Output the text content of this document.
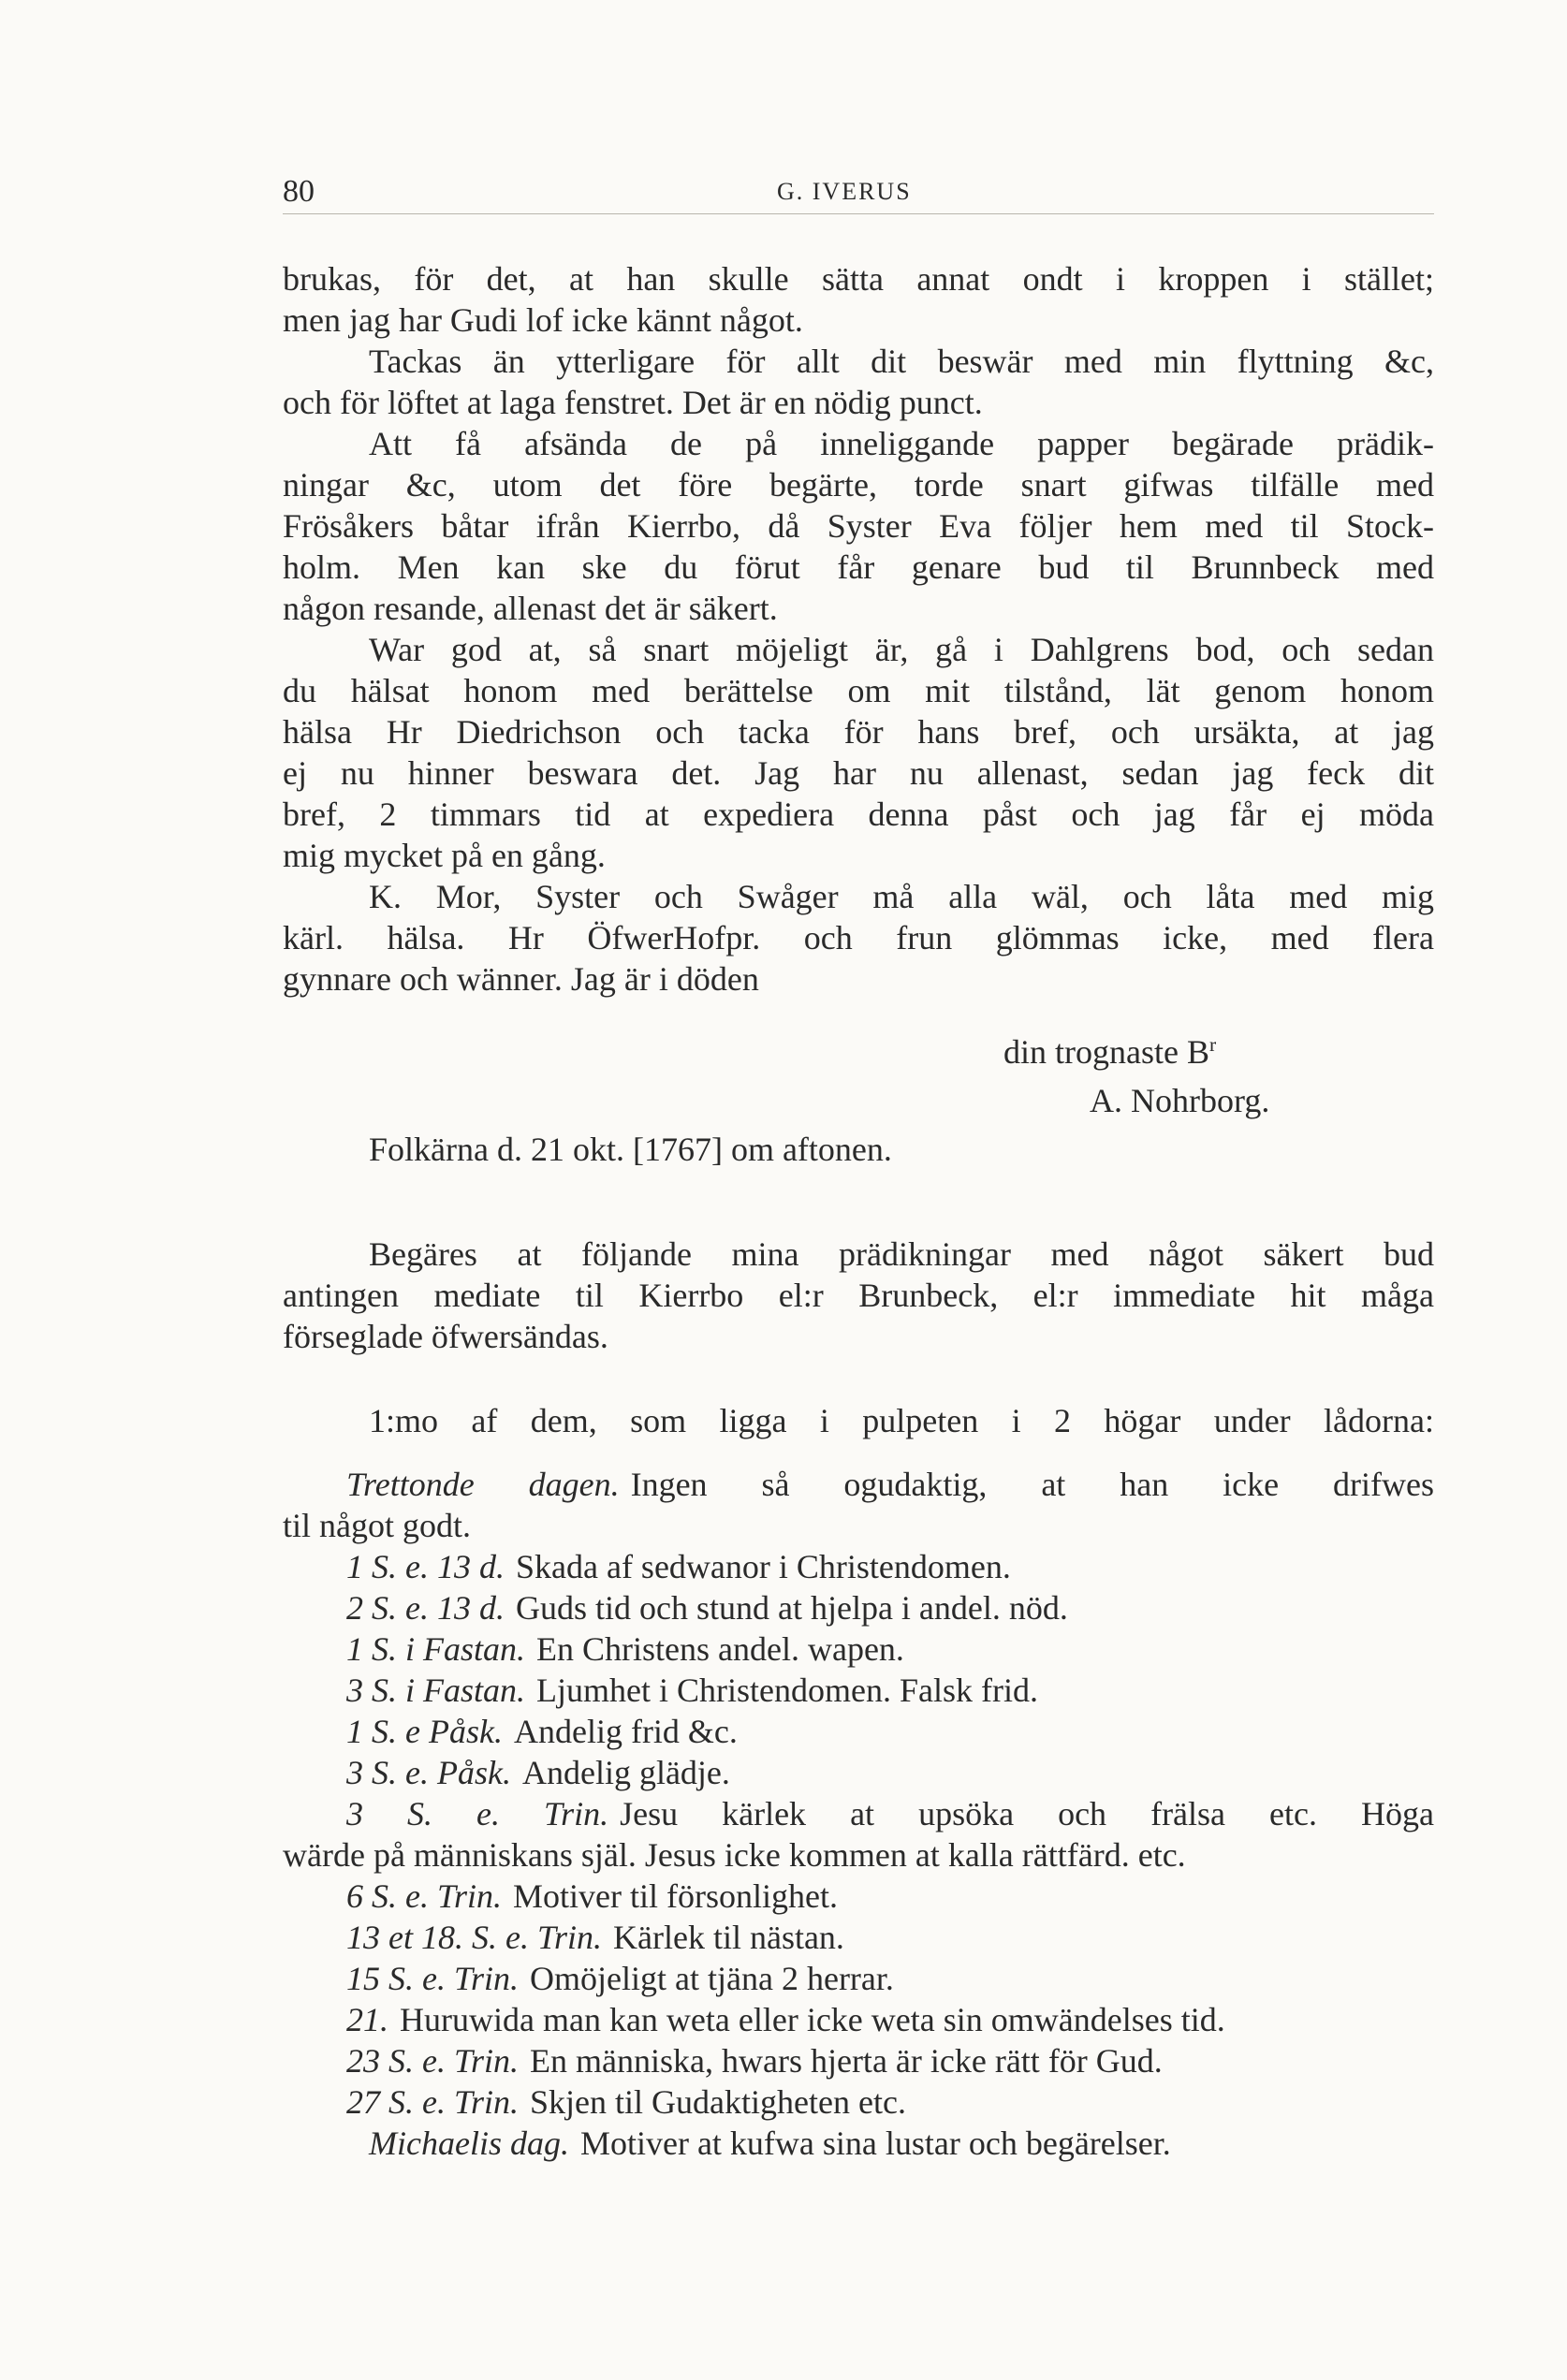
80	G. IVERUS
brukas, för det, at han skulle sätta annat ondt i kroppen i stället;
men jag har Gudi lof icke kännt något.
Tackas än ytterligare för allt dit beswär med min flyttning &c,
och för löftet at laga fenstret. Det är en nödig punct.
Att få afsända de på inneliggande papper begärade prädik-
ningar &c, utom det före begärte, torde snart gifwas tilfälle med
Frösåkers båtar ifrån Kierrbo, då Syster Eva följer hem med til Stock-
holm. Men kan ske du förut får genare bud til Brunnbeck med
någon resande, allenast det är säkert.
War god at, så snart möjeligt är, gå i Dahlgrens bod, och sedan
du hälsat honom med berättelse om mit tilstånd, lät genom honom
hälsa Hr Diedrichson och tacka för hans bref, och ursäkta, at jag
ej nu hinner beswara det. Jag har nu allenast, sedan jag feck dit
bref, 2 timmars tid at expediera denna påst och jag får ej möda
mig mycket på en gång.
K. Mor, Syster och Swåger må alla wäl, och låta med mig
kärl. hälsa. Hr ÖfwerHofpr. och frun glömmas icke, med flera
gynnare och wänner. Jag är i döden
din trognaste $B^r$
A. Nohrborg.
Folkärna d. 21 okt. [1767] om aftonen.
Begäres at följande mina prädikningar med något säkert bud
antingen mediate til Kierrbo el:r Brunbeck, el:r immediate hit måga
förseglade öfwersändas.
1:mo af dem, som ligga i pulpeten i 2 högar under lådorna:
Trettonde dagen. Ingen så ogudaktig, at han icke drifwes
til något godt.
1 S. e. 13 d. Skada af sedwanor i Christendomen.
2 S. e. 13 d. Guds tid och stund at hjelpa i andel. nöd.
1 S. i Fastan. En Christens andel. wapen.
3 S. i Fastan. Ljumhet i Christendomen. Falsk frid.
1 S. e Påsk. Andelig frid &c.
3 S. e. Påsk. Andelig glädje.
3 S. e. Trin. Jesu kärlek at upsöka och frälsa etc. Höga
wärde på människans själ. Jesus icke kommen at kalla rättfärd. etc.
6 S. e. Trin. Motiver til försonlighet.
13 et 18. S. e. Trin. Kärlek til nästan.
15 S. e. Trin. Omöjeligt at tjäna 2 herrar.
21. Huruwida man kan weta eller icke weta sin omwändelses tid.
23 S. e. Trin. En människa, hwars hjerta är icke rätt för Gud.
27 S. e. Trin. Skjen til Gudaktigheten etc.
Michaelis dag. Motiver at kufwa sina lustar och begärelser.
